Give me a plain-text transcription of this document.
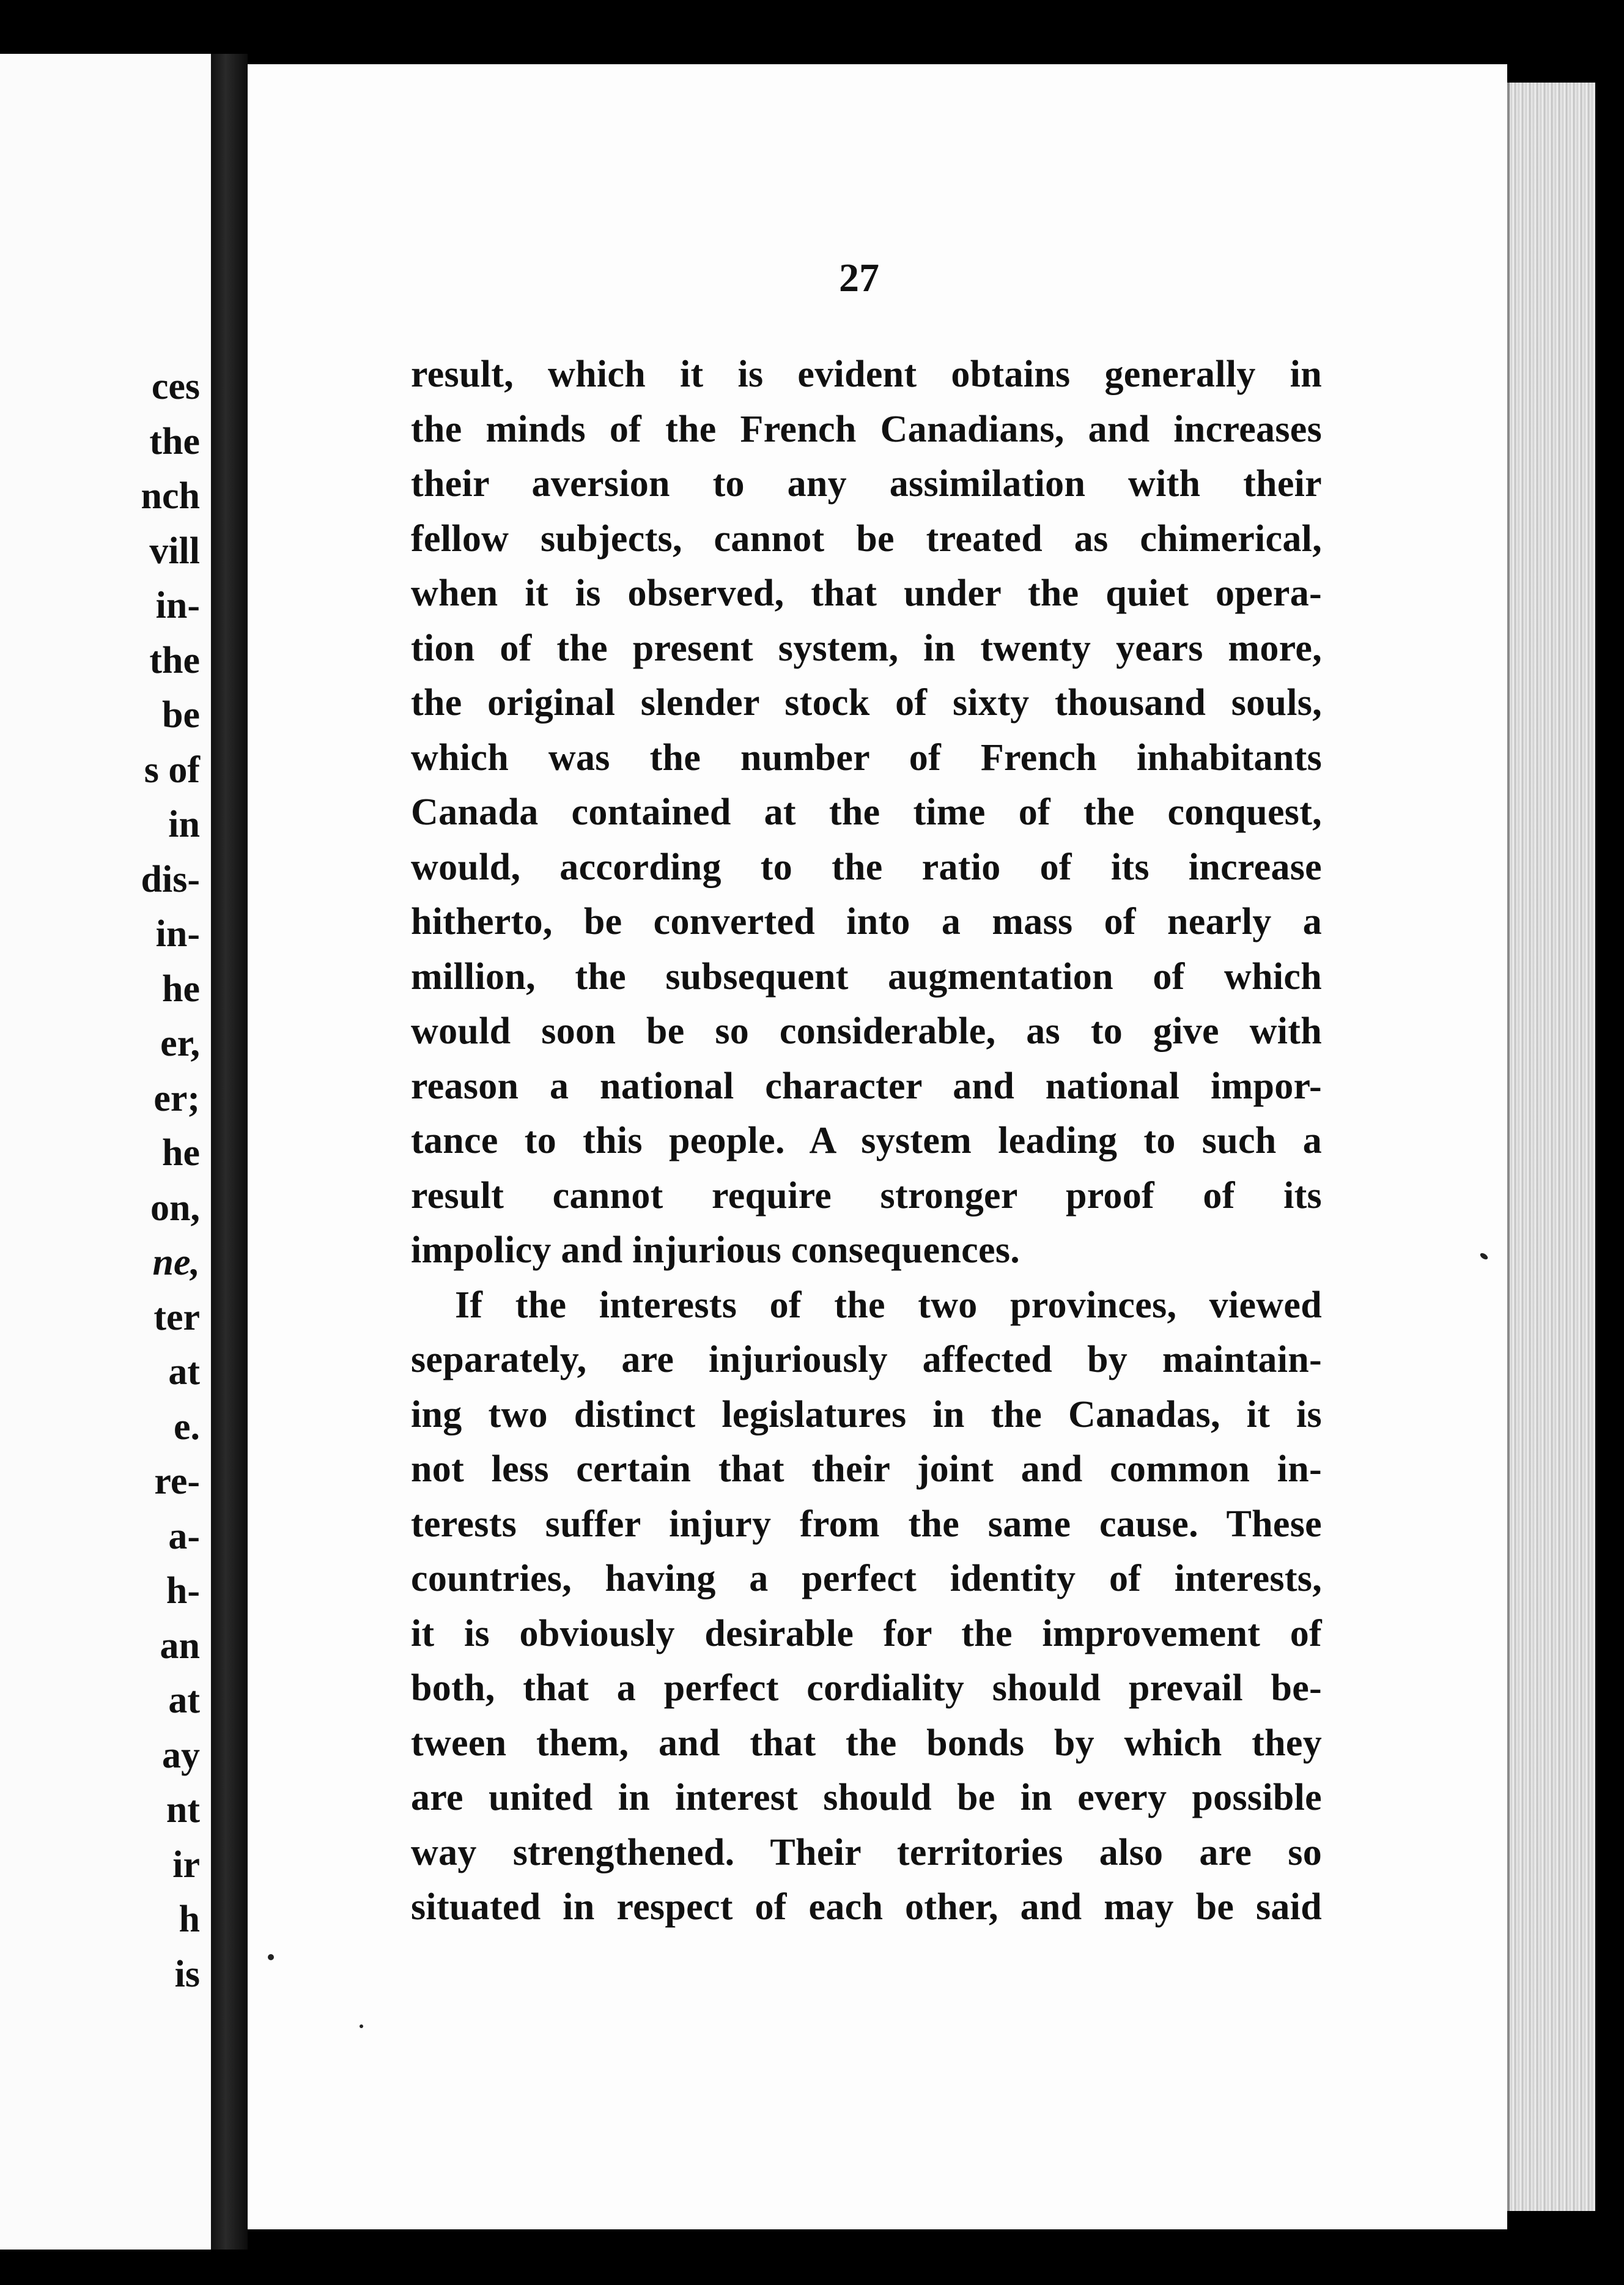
ces
the
nch
vill
in-
the
be
s of
in
dis-
in-
he
er,
er;
he
on,
ne,
ter
at
e.
re-
a-
h-
an
at
ay
nt
ir
h
is
27
result, which it is evident obtains generally in
the minds of the French Canadians, and increases
their aversion to any assimilation with their
fellow subjects, cannot be treated as chimerical,
when it is observed, that under the quiet opera-
tion of the present system, in twenty years more,
the original slender stock of sixty thousand souls,
which was the number of French inhabitants
Canada contained at the time of the conquest,
would, according to the ratio of its increase
hitherto, be converted into a mass of nearly a
million, the subsequent augmentation of which
would soon be so considerable, as to give with
reason a national character and national impor-
tance to this people. A system leading to such a
result cannot require stronger proof of its
impolicy and injurious consequences.
If the interests of the two provinces, viewed
separately, are injuriously affected by maintain-
ing two distinct legislatures in the Canadas, it is
not less certain that their joint and common in-
terests suffer injury from the same cause. These
countries, having a perfect identity of interests,
it is obviously desirable for the improvement of
both, that a perfect cordiality should prevail be-
tween them, and that the bonds by which they
are united in interest should be in every possible
way strengthened. Their territories also are so
situated in respect of each other, and may be said
